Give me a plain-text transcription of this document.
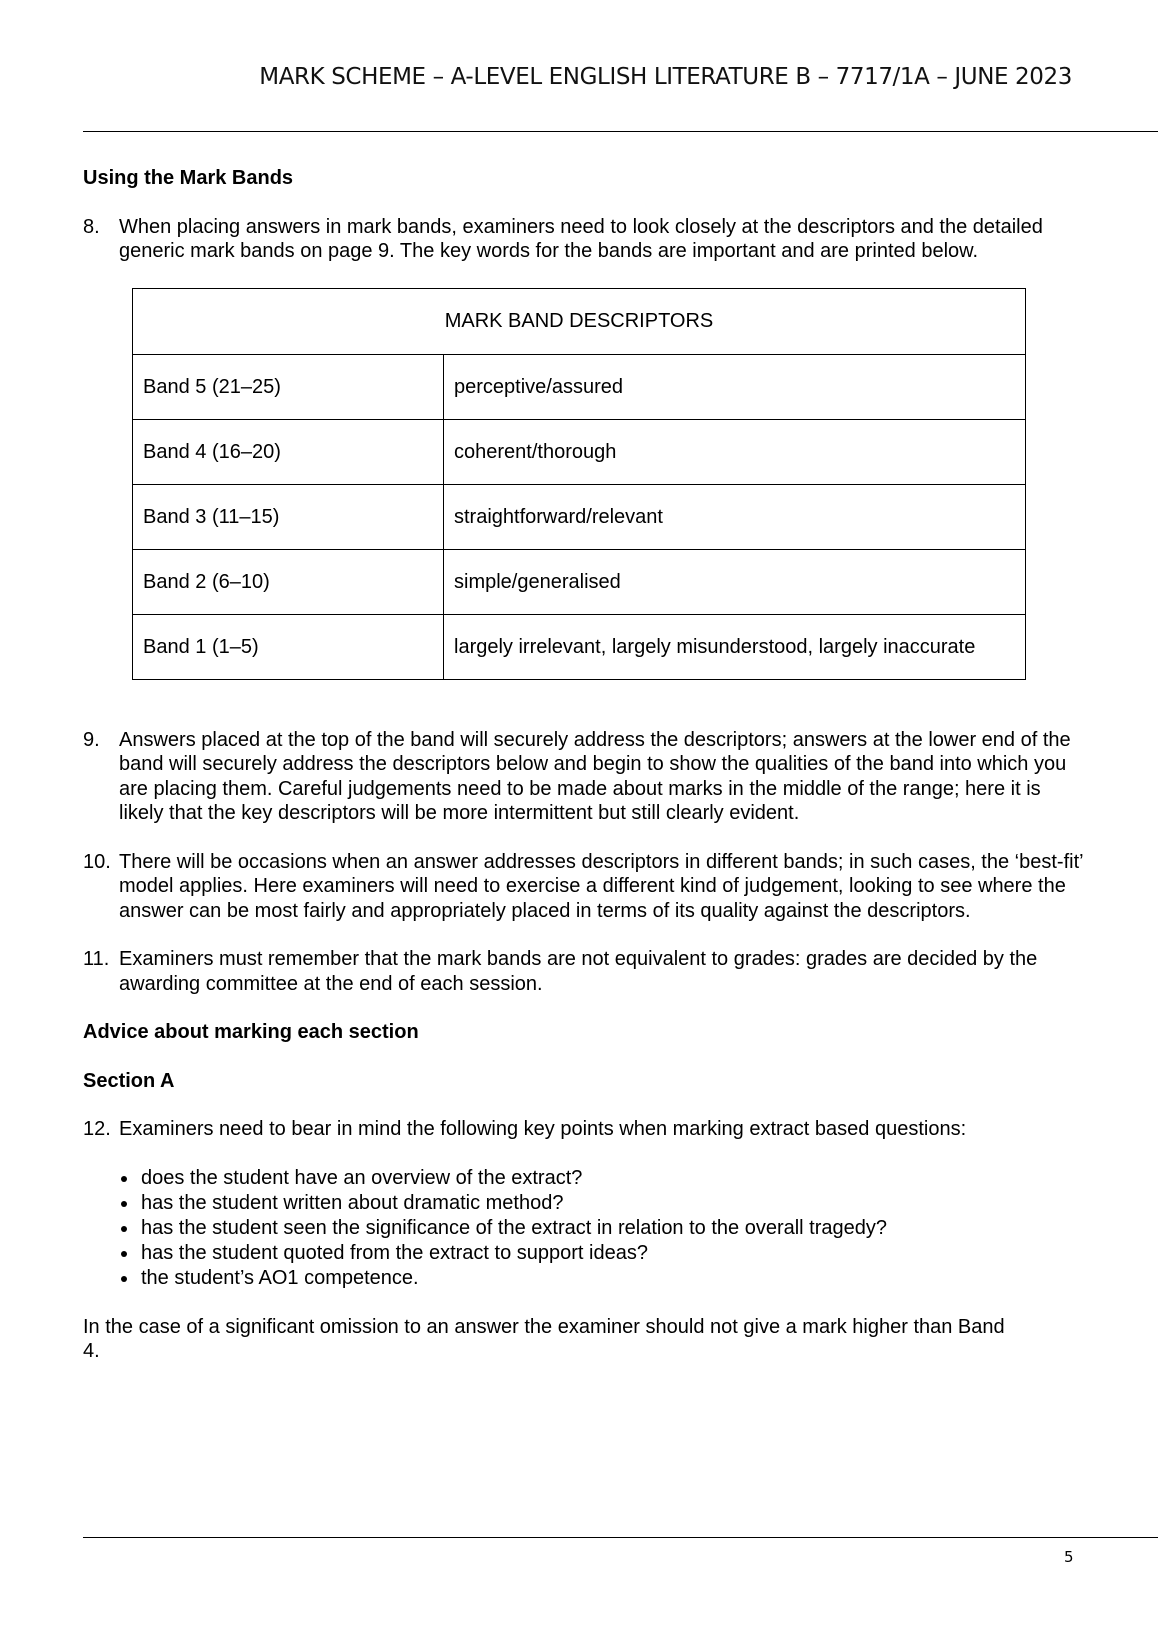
MARK SCHEME – A-LEVEL ENGLISH LITERATURE B – 7717/1A – JUNE 2023
Using the Mark Bands
8. When placing answers in mark bands, examiners need to look closely at the descriptors and the detailed generic mark bands on page 9. The key words for the bands are important and are printed below.
MARK BAND DESCRIPTORS	
Band 5 (21–25)	perceptive/assured
Band 4 (16–20)	coherent/thorough
Band 3 (11–15)	straightforward/relevant
Band 2 (6–10)	simple/generalised
Band 1 (1–5)	largely irrelevant, largely misunderstood, largely inaccurate
9. Answers placed at the top of the band will securely address the descriptors; answers at the lower end of the band will securely address the descriptors below and begin to show the qualities of the band into which you are placing them. Careful judgements need to be made about marks in the middle of the range; here it is likely that the key descriptors will be more intermittent but still clearly evident.
10. There will be occasions when an answer addresses descriptors in different bands; in such cases, the ‘best-fit’ model applies. Here examiners will need to exercise a different kind of judgement, looking to see where the answer can be most fairly and appropriately placed in terms of its quality against the descriptors.
11. Examiners must remember that the mark bands are not equivalent to grades: grades are decided by the awarding committee at the end of each session.
Advice about marking each section
Section A
12. Examiners need to bear in mind the following key points when marking extract based questions:
does the student have an overview of the extract?
has the student written about dramatic method?
has the student seen the significance of the extract in relation to the overall tragedy?
has the student quoted from the extract to support ideas?
the student’s AO1 competence.

In the case of a significant omission to an answer the examiner should not give a mark higher than Band 4.

5
